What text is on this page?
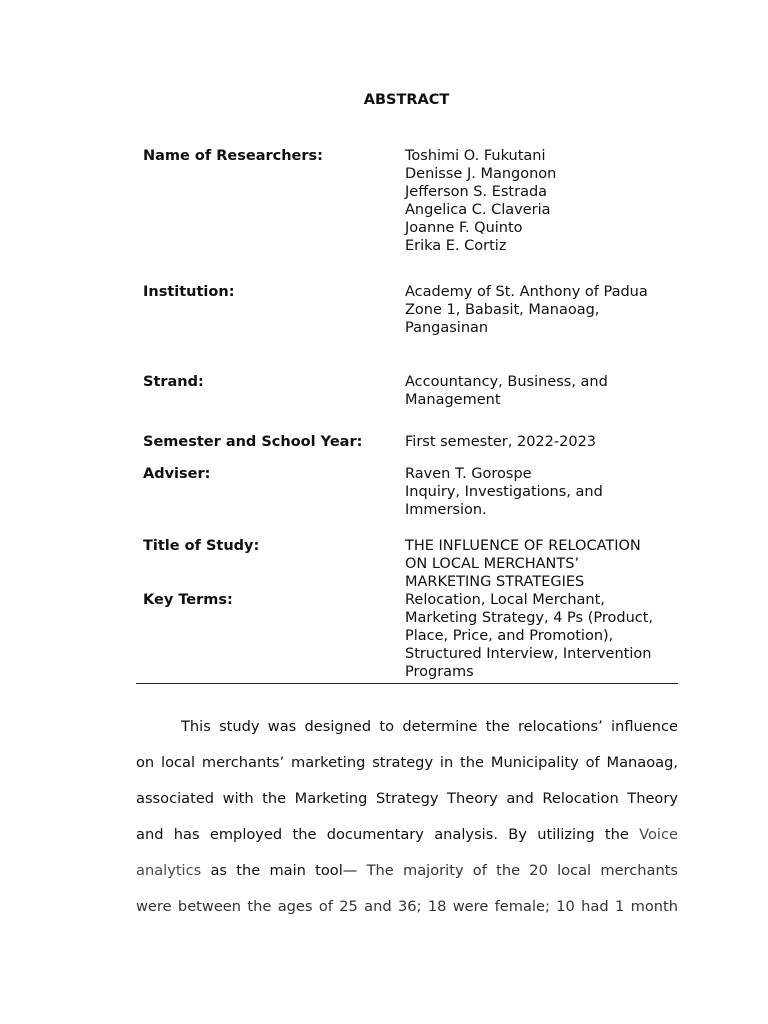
ABSTRACT
Name of Researchers:	Toshimi O. Fukutani
Denisse J. Mangonon
Jefferson S. Estrada
Angelica C. Claveria
Joanne F. Quinto
Erika E. Cortiz
Institution:	Academy of St. Anthony of Padua
Zone 1, Babasit, Manaoag,
Pangasinan
Strand:	Accountancy, Business, and
Management
Semester and School Year:	First semester, 2022-2023
Adviser:	Raven T. Gorospe
Inquiry, Investigations, and
Immersion.
Title of Study:	THE INFLUENCE OF RELOCATION
ON LOCAL MERCHANTS’
MARKETING STRATEGIES
Key Terms:	Relocation, Local Merchant,
Marketing Strategy, 4 Ps (Product,
Place, Price, and Promotion),
Structured Interview, Intervention
Programs
This study was designed to determine the relocations’ influence
on local merchants’ marketing strategy in the Municipality of Manaoag,
associated with the Marketing Strategy Theory and Relocation Theory
and has employed the documentary analysis. By utilizing the Voice
analytics as the main tool— The majority of the 20 local merchants
were between the ages of 25 and 36; 18 were female; 10 had 1 month
